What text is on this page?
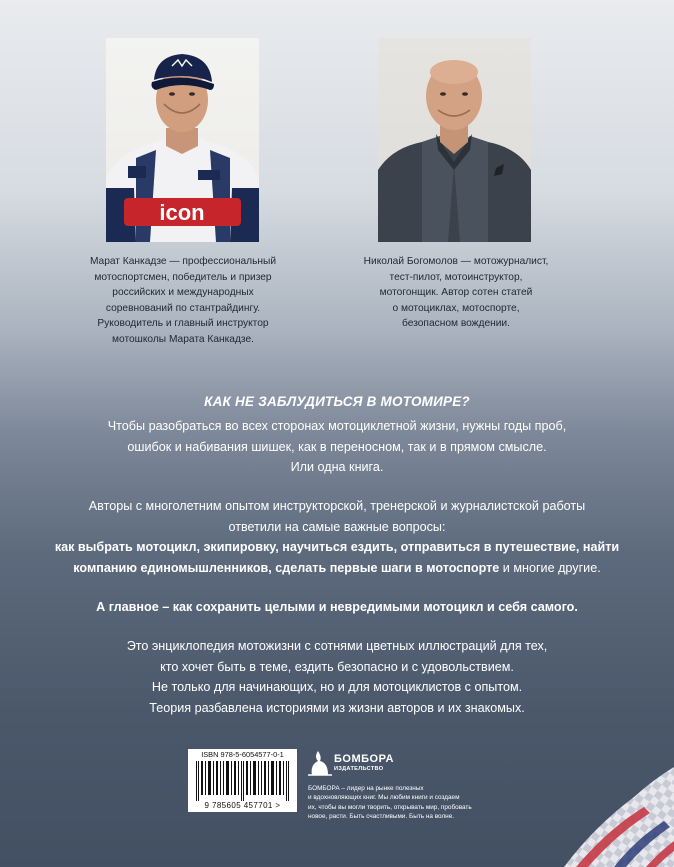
icon
Марат Канкадзе — профессиональный
мотоспортсмен, победитель и призер
российских и международных
соревнований по стантрайдингу.
Руководитель и главный инструктор
мотошколы Марата Канкадзе.
Николай Богомолов — мотожурналист,
тест-пилот, мотоинструктор,
мотогонщик. Автор сотен статей
о мотоциклах, мотоспорте,
безопасном вождении.
КАК НЕ ЗАБЛУДИТЬСЯ В МОТОМИРЕ?
Чтобы разобраться во всех сторонах мотоциклетной жизни, нужны годы проб,
ошибок и набивания шишек, как в переносном, так и в прямом смысле.
Или одна книга.
Авторы с многолетним опытом инструкторской, тренерской и журналистской работы
ответили на самые важные вопросы:
как выбрать мотоцикл, экипировку, научиться ездить, отправиться в путешествие, найти
компанию единомышленников, сделать первые шаги в мотоспорте и многие другие.
А главное – как сохранить целыми и невредимыми мотоцикл и себя самого.
Это энциклопедия мотожизни с сотнями цветных иллюстраций для тех,
кто хочет быть в теме, ездить безопасно и с удовольствием.
Не только для начинающих, но и для мотоциклистов с опытом.
Теория разбавлена историями из жизни авторов и их знакомых.
ISBN 978-5-6054577-0-1
9 785605 457701 >
БОМБОРА
ИЗДАТЕЛЬСТВО
БОМБОРА – лидер на рынке полезных
и вдохновляющих книг. Мы любим книги и создаем
их, чтобы вы могли творить, открывать мир, пробовать
новое, расти. Быть счастливыми. Быть на волне.
